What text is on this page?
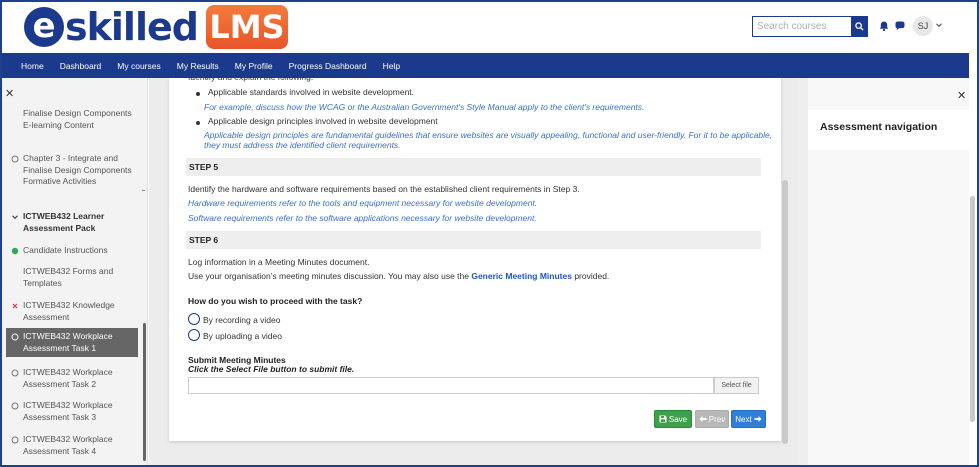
e skilled LMS
Search courses	SJ
Home Dashboard My courses My Results My Profile Progress Dashboard Help
✕
Finalise Design Components E-learning Content
Chapter 3 - Integrate and Finalise Design Components Formative Activities
ICTWEB432 Learner Assessment Pack
Candidate Instructions
ICTWEB432 Forms and Templates
ICTWEB432 Knowledge Assessment
ICTWEB432 Workplace Assessment Task 1
ICTWEB432 Workplace Assessment Task 2
ICTWEB432 Workplace Assessment Task 3
ICTWEB432 Workplace Assessment Task 4
Applicable standards involved in website development.
For example, discuss how the WCAG or the Australian Government's Style Manual apply to the client's requirements.
Applicable design principles involved in website development
Applicable design principles are fundamental guidelines that ensure websites are visually appealing, functional and user-friendly. For it to be applicable,
they must address the identified client requirements.
STEP 5
Identify the hardware and software requirements based on the established client requirements in Step 3.
Hardware requirements refer to the tools and equipment necessary for website development.
Software requirements refer to the software applications necessary for website development.
STEP 6
Log information in a Meeting Minutes document.
Use your organisation’s meeting minutes discussion. You may also use the Generic Meeting Minutes provided.
How do you wish to proceed with the task?
By recording a video
By uploading a video
Submit Meeting Minutes
Click the Select File button to submit file.
Select file
Save	Prev Next
✕
Assessment navigation
